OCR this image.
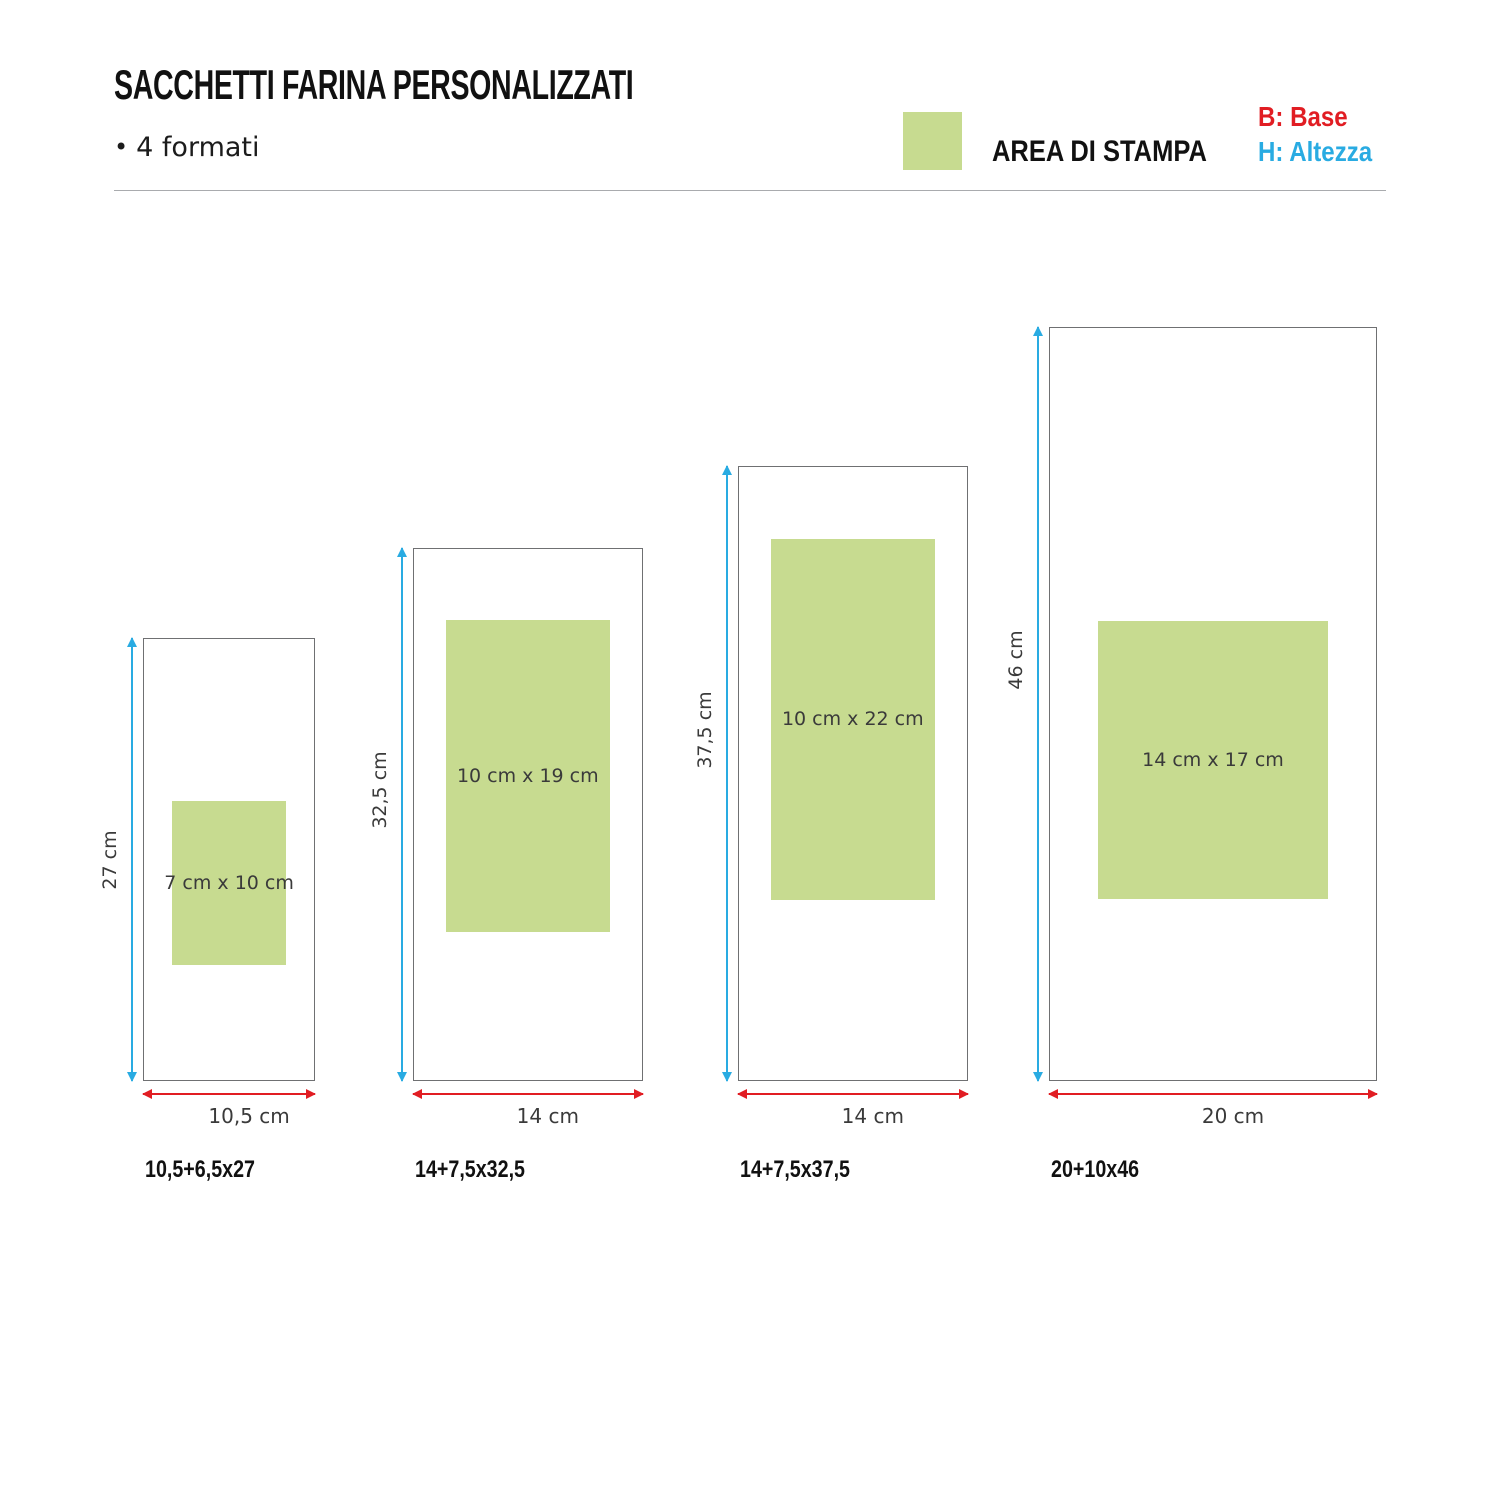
SACCHETTI FARINA PERSONALIZZATI
• 4 formati	AREA DI STAMPA
B: Base
H: Altezza
7 cm x 10 cm
27 cm
10,5 cm
10,5+6,5x27
10 cm x 19 cm
32,5 cm
14 cm
14+7,5x32,5
10 cm x 22 cm
37,5 cm
14 cm
14+7,5x37,5
14 cm x 17 cm
46 cm
20 cm
20+10x46
